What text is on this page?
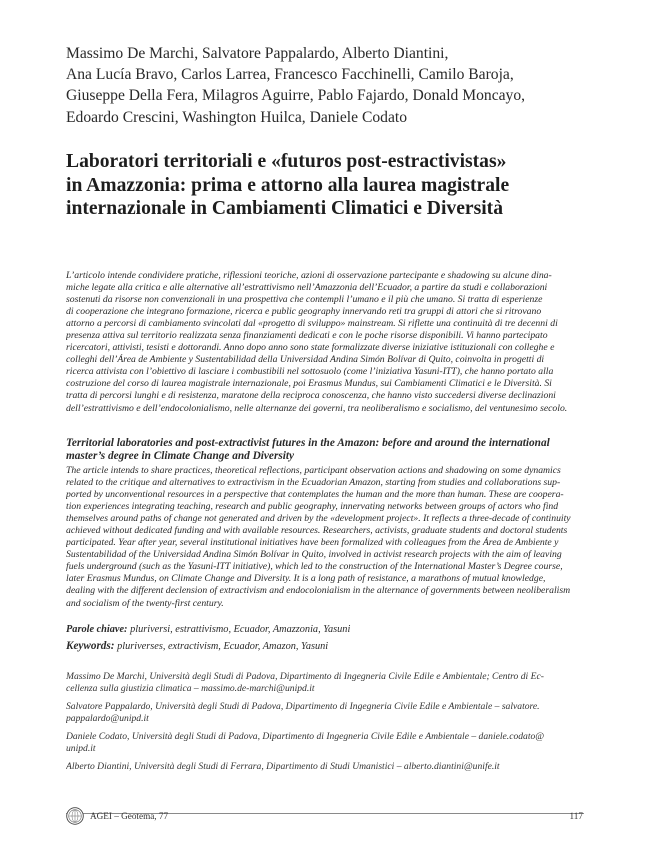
Massimo De Marchi, Salvatore Pappalardo, Alberto Diantini,
Ana Lucía Bravo, Carlos Larrea, Francesco Facchinelli, Camilo Baroja,
Giuseppe Della Fera, Milagros Aguirre, Pablo Fajardo, Donald Moncayo,
Edoardo Crescini, Washington Huilca, Daniele Codato
Laboratori territoriali e «futuros post-estractivistas»
in Amazzonia: prima e attorno alla laurea magistrale
internazionale in Cambiamenti Climatici e Diversità
L’articolo intende condividere pratiche, riflessioni teoriche, azioni di osservazione partecipante e shadowing su alcune dina-
miche legate alla critica e alle alternative all’estrattivismo nell’Amazzonia dell’Ecuador, a partire da studi e collaborazioni
sostenuti da risorse non convenzionali in una prospettiva che contempli l’umano e il più che umano. Si tratta di esperienze
di cooperazione che integrano formazione, ricerca e public geography innervando reti tra gruppi di attori che si ritrovano
attorno a percorsi di cambiamento svincolati dal «progetto di sviluppo» mainstream. Si riflette una continuità di tre decenni di
presenza attiva sul territorio realizzata senza finanziamenti dedicati e con le poche risorse disponibili. Vi hanno partecipato
ricercatori, attivisti, tesisti e dottorandi. Anno dopo anno sono state formalizzate diverse iniziative istituzionali con colleghe e
colleghi dell’Área de Ambiente y Sustentabilidad della Universidad Andina Simón Bolívar di Quito, coinvolta in progetti di
ricerca attivista con l’obiettivo di lasciare i combustibili nel sottosuolo (come l’iniziativa Yasuni-ITT), che hanno portato alla
costruzione del corso di laurea magistrale internazionale, poi Erasmus Mundus, sui Cambiamenti Climatici e le Diversità. Si
tratta di percorsi lunghi e di resistenza, maratone della reciproca conoscenza, che hanno visto succedersi diverse declinazioni
dell’estrattivismo e dell’endocolonialismo, nelle alternanze dei governi, tra neoliberalismo e socialismo, del ventunesimo secolo.
Territorial laboratories and post-extractivist futures in the Amazon: before and around the international
master’s degree in Climate Change and Diversity
The article intends to share practices, theoretical reflections, participant observation actions and shadowing on some dynamics
related to the critique and alternatives to extractivism in the Ecuadorian Amazon, starting from studies and collaborations sup-
ported by unconventional resources in a perspective that contemplates the human and the more than human. These are coopera-
tion experiences integrating teaching, research and public geography, innervating networks between groups of actors who find
themselves around paths of change not generated and driven by the «development project». It reflects a three-decade of continuity
achieved without dedicated funding and with available resources. Researchers, activists, graduate students and doctoral students
participated. Year after year, several institutional initiatives have been formalized with colleagues from the Área de Ambiente y
Sustentabilidad of the Universidad Andina Simón Bolívar in Quito, involved in activist research projects with the aim of leaving
fuels underground (such as the Yasuni-ITT initiative), which led to the construction of the International Master’s Degree course,
later Erasmus Mundus, on Climate Change and Diversity. It is a long path of resistance, a marathons of mutual knowledge,
dealing with the different declension of extractivism and endocolonialism in the alternance of governments between neoliberalism
and socialism of the twenty-first century.
Parole chiave: pluriversi, estrattivismo, Ecuador, Amazzonia, Yasuni
Keywords: pluriverses, extractivism, Ecuador, Amazon, Yasuni
Massimo De Marchi, Università degli Studi di Padova, Dipartimento di Ingegneria Civile Edile e Ambientale; Centro di Ec-
cellenza sulla giustizia climatica – massimo.de-marchi@unipd.it
Salvatore Pappalardo, Università degli Studi di Padova, Dipartimento di Ingegneria Civile Edile e Ambientale – salvatore.
pappalardo@unipd.it
Daniele Codato, Università degli Studi di Padova, Dipartimento di Ingegneria Civile Edile e Ambientale – daniele.codato@
unipd.it
Alberto Diantini, Università degli Studi di Ferrara, Dipartimento di Studi Umanistici – alberto.diantini@unife.it
AGEI – Geotema, 77	117
